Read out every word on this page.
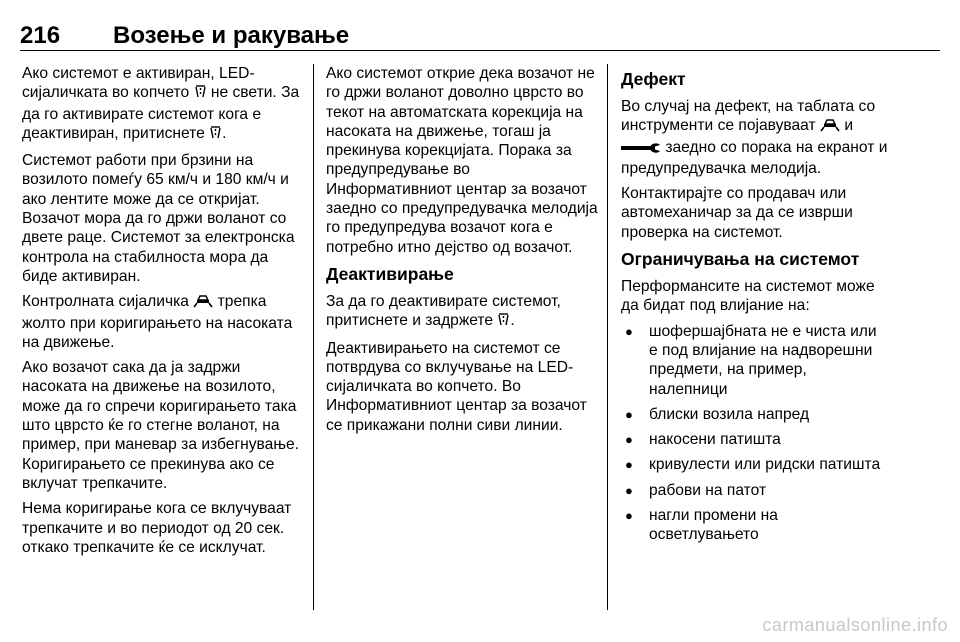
216 Возење и ракување

Ако системот е активиран, LED-сијаличката во копчето не свети. За да го активирате системот кога е деактивиран, притиснете .

Системот работи при брзини на возилото помеѓу 65 км/ч и 180 км/ч и ако лентите може да се откријат. Возачот мора да го држи воланот со двете раце. Системот за електронска контрола на стабилноста мора да биде активиран.

Контролната сијаличка трепка жолто при коригирањето на насоката на движење.

Ако возачот сака да ја задржи насоката на движење на возилото, може да го спречи коригирањето така што цврсто ќе го стегне воланот, на пример, при маневар за избегнување. Коригирањето се прекинува ако се вклучат трепкачите.

Нема коригирање кога се вклучуваат трепкачите и во периодот од 20 сек. откако трепкачите ќе се исклучат.

Ако системот открие дека возачот не го држи воланот доволно цврсто во текот на автоматската корекција на насоката на движење, тогаш ја прекинува корекцијата. Порака за предупредување во Информативниот центар за возачот заедно со предупредувачка мелодија го предупредува возачот кога е потребно итно дејство од возачот.

Деактивирање

За да го деактивирате системот, притиснете и задржете .

Деактивирањето на системот се потврдува со вклучување на LED-сијаличката во копчето. Во Информативниот центар за возачот се прикажани полни сиви линии.

Дефект

Во случај на дефект, на таблата со инструменти се појавуваат и  заедно со порака на екранот и предупредувачка мелодија.

Контактирајте со продавач или автомеханичар за да се изврши проверка на системот.

Ограничувања на системот

Перформансите на системот може да бидат под влијание на:

● шофершајбната не е чиста или е под влијание на надворешни предмети, на пример, налепници
● блиски возила напред
● накосени патишта
● кривулести или ридски патишта
● рабови на патот
● нагли промени на осветлувањето
carmanualsonline.info
